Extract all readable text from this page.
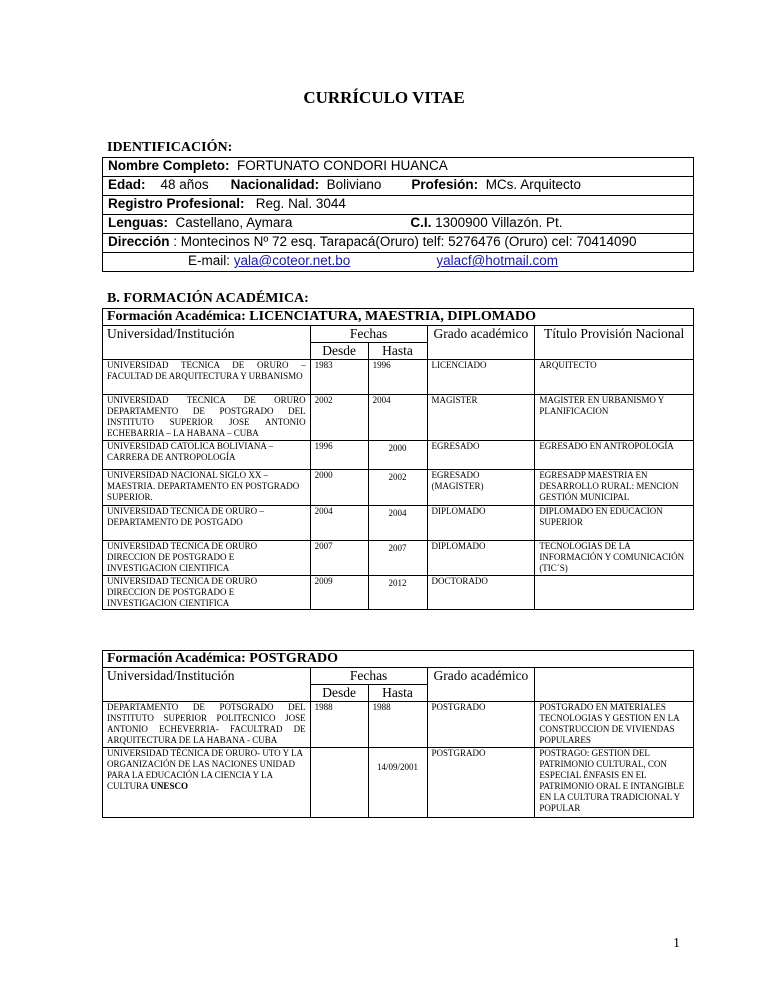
CURRÍCULO VITAE
IDENTIFICACIÓN:
Nombre Completo: FORTUNATO CONDORI HUANCA
Edad: 48 años Nacionalidad: Boliviano Profesión: MCs. Arquitecto
Registro Profesional: Reg. Nal. 3044
Lenguas: Castellano, Aymara	C.I. 1300900 Villazón. Pt.
Dirección : Montecinos Nº 72 esq. Tarapacá(Oruro) telf: 5276476 (Oruro) cel: 70414090
E-mail: yala@coteor.net.bo	yalacf@hotmail.com
B. FORMACIÓN ACADÉMICA:
Formación Académica: LICENCIATURA, MAESTRIA, DIPLOMADO				
Universidad/Institución	Fechas		Grado académico	Título Provisión Nacional
	Desde	Hasta		
UNIVERSIDAD TECNICA DE ORURO – FACULTAD DE ARQUITECTURA Y URBANISMO	1983	1996	LICENCIADO	ARQUITECTO
UNIVERSIDAD TECNICA DE ORURO DEPARTAMENTO DE POSTGRADO DEL INSTITUTO SUPERIOR JOSE ANTONIO ECHEBARRIA – LA HABANA – CUBA	2002	2004	MAGISTER	MAGISTER EN URBANISMO Y PLANIFICACION
UNIVERSIDAD CATOLICA BOLIVIANA – CARRERA DE ANTROPOLOGÍA	1996	2000	EGRESADO	EGRESADO EN ANTROPOLOGÍA
UNIVERSIDAD NACIONAL SIGLO XX – MAESTRIA. DEPARTAMENTO EN POSTGRADO SUPERIOR.	2000	2002	EGRESADO (MAGISTER)	EGRESADP MAESTRIA EN DESARROLLO RURAL: MENCION GESTIÓN MUNICIPAL
UNIVERSIDAD TECNICA DE ORURO – DEPARTAMENTO DE POSTGADO	2004	2004	DIPLOMADO	DIPLOMADO EN EDUCACION SUPERIOR
UNIVERSIDAD TECNICA DE ORURO DIRECCION DE POSTGRADO E INVESTIGACION CIENTIFICA	2007	2007	DIPLOMADO	TECNOLOGIAS DE LA INFORMACIÓN Y COMUNICACIÓN (TIC´S)
UNIVERSIDAD TECNICA DE ORURO DIRECCION DE POSTGRADO E INVESTIGACION CIENTIFICA	2009	2012	DOCTORADO	
Formación Académica: POSTGRADO				
Universidad/Institución	Fechas		Grado académico	
	Desde	Hasta		
DEPARTAMENTO DE POTSGRADO DEL INSTITUTO SUPERIOR POLITECNICO JOSE ANTONIO ECHEVERRIA- FACULTRAD DE ARQUITECTURA DE LA HABANA - CUBA	1988	1988	POSTGRADO	POSTGRADO EN MATERIALES TECNOLOGIAS Y GESTION EN LA CONSTRUCCION DE VIVIENDAS POPULARES
UNIVERSIDAD TÉCNICA DE ORURO- UTO Y LA ORGANIZACIÓN DE LAS NACIONES UNIDAD PARA LA EDUCACIÓN LA CIENCIA Y LA CULTURA UNESCO		14/09/2001	POSTGRADO	POSTRAGO: GESTION DEL PATRIMONIO CULTURAL, CON ESPECIAL ÉNFASIS EN EL PATRIMONIO ORAL E INTANGIBLE EN LA CULTURA TRADICIONAL Y POPULAR
1
